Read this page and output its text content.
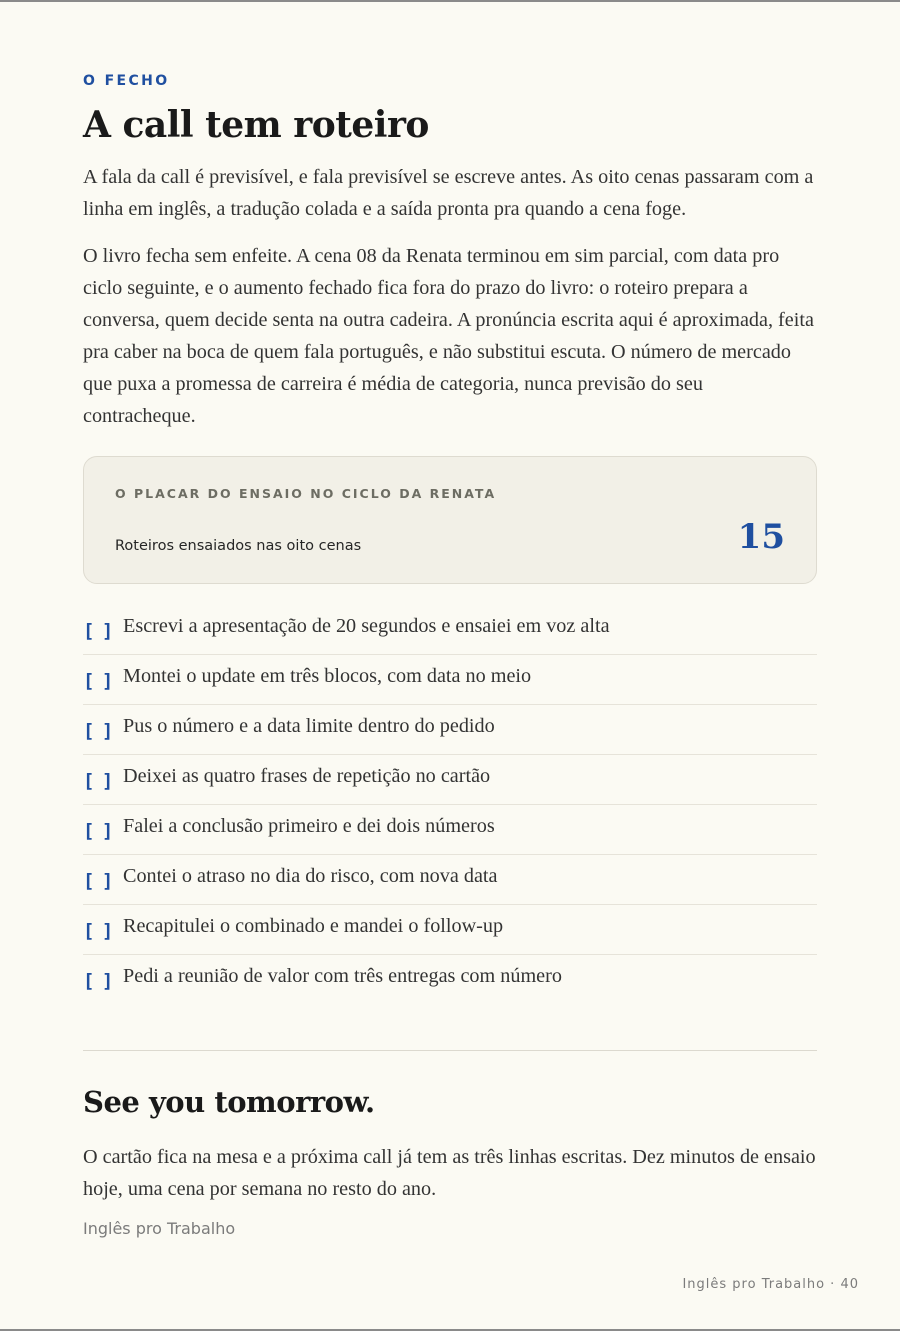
O FECHO
A call tem roteiro

A fala da call é previsível, e fala previsível se escreve antes. As oito cenas passaram com a linha em inglês, a tradução colada e a saída pronta pra quando a cena foge.

O livro fecha sem enfeite. A cena 08 da Renata terminou em sim parcial, com data pro ciclo seguinte, e o aumento fechado fica fora do prazo do livro: o roteiro prepara a conversa, quem decide senta na outra cadeira. A pronúncia escrita aqui é aproximada, feita pra caber na boca de quem fala português, e não substitui escuta. O número de mercado que puxa a promessa de carreira é média de categoria, nunca previsão do seu contracheque.

O PLACAR DO ENSAIO NO CICLO DA RENATA
Roteiros ensaiados nas oito cenas	15
[ ] Escrevi a apresentação de 20 segundos e ensaiei em voz alta
[ ] Montei o update em três blocos, com data no meio
[ ] Pus o número e a data limite dentro do pedido
[ ] Deixei as quatro frases de repetição no cartão
[ ] Falei a conclusão primeiro e dei dois números
[ ] Contei o atraso no dia do risco, com nova data
[ ] Recapitulei o combinado e mandei o follow-up
[ ] Pedi a reunião de valor com três entregas com número
See you tomorrow.

O cartão fica na mesa e a próxima call já tem as três linhas escritas. Dez minutos de ensaio hoje, uma cena por semana no resto do ano.

Inglês pro Trabalho
Inglês pro Trabalho · 40
